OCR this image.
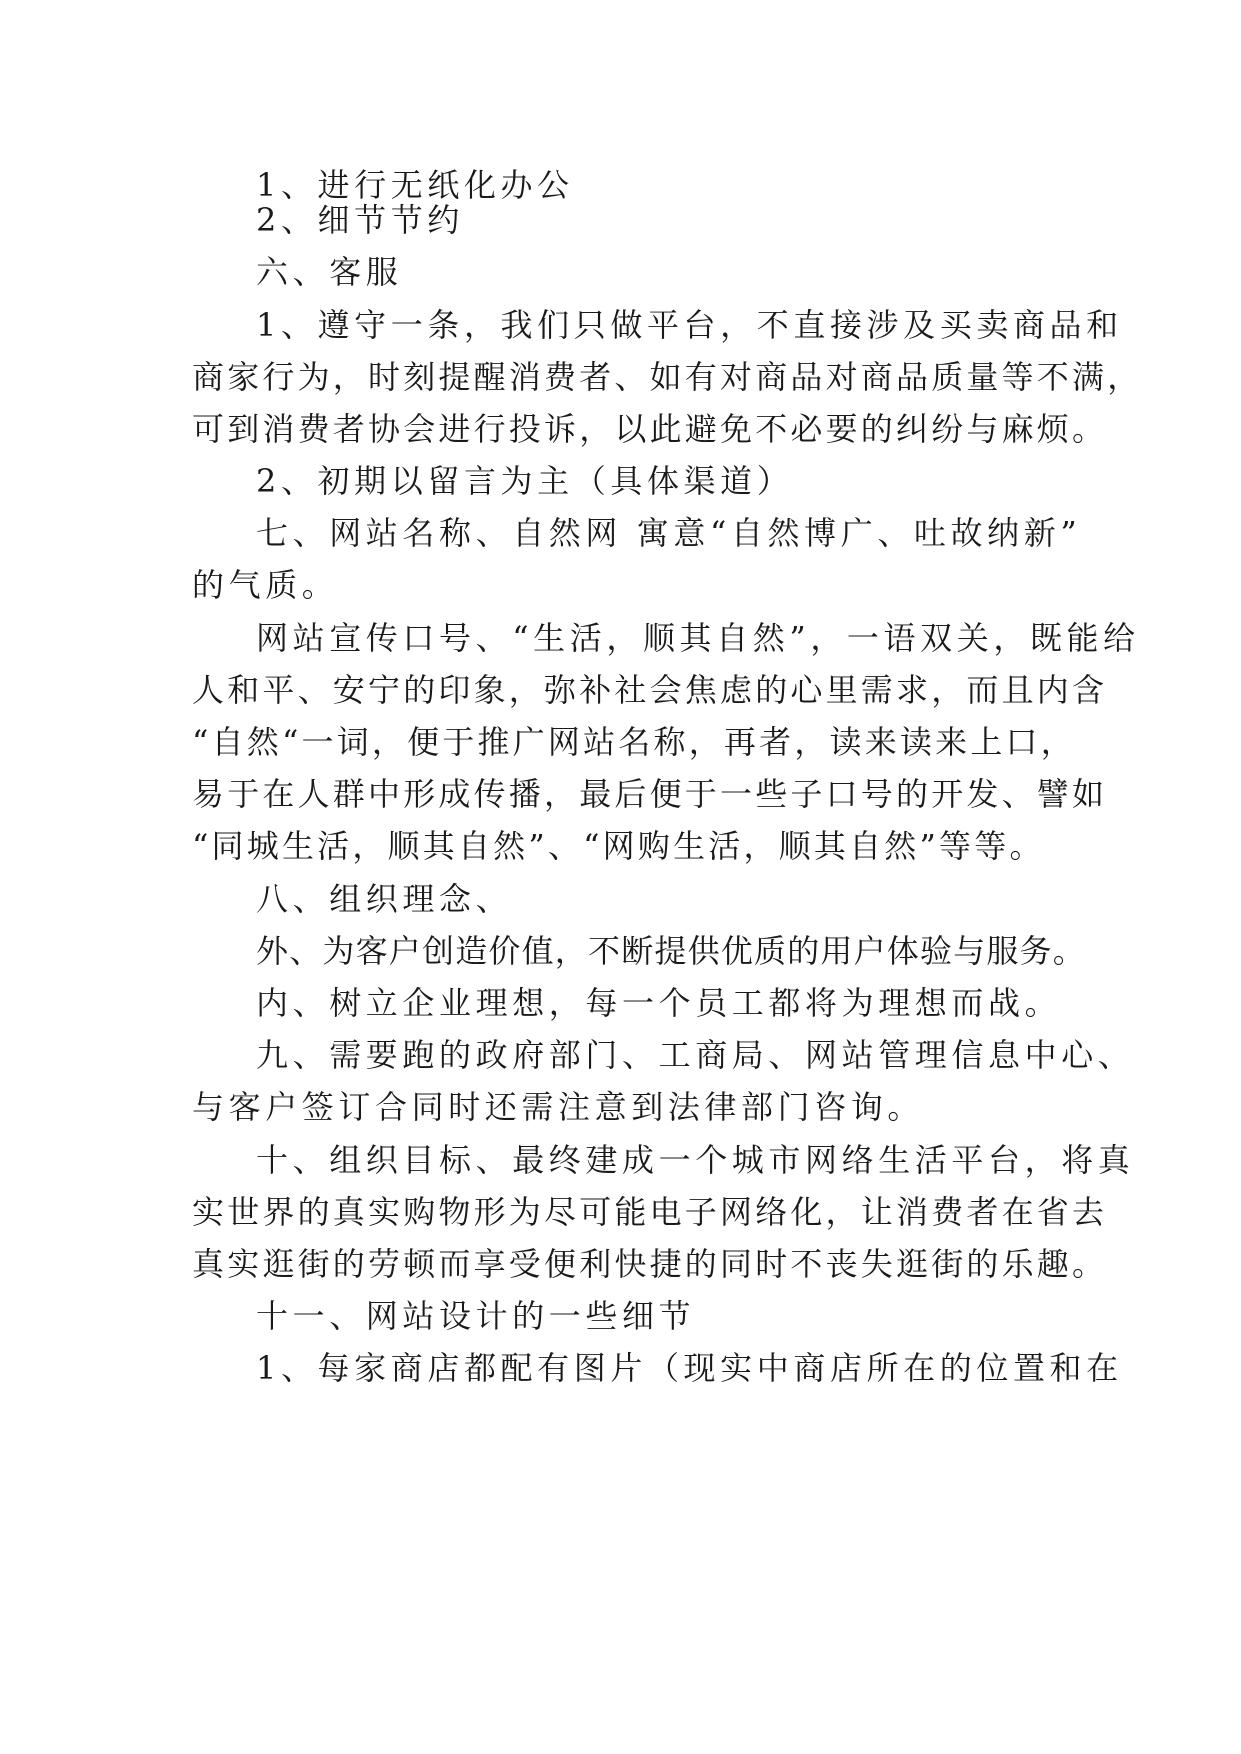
1、进行无纸化办公
2、细节节约
六、客服
1、遵守一条，我们只做平台，不直接涉及买卖商品和
商家行为，时刻提醒消费者、如有对商品对商品质量等不满，
可到消费者协会进行投诉，以此避免不必要的纠纷与麻烦。
2、初期以留言为主（具体渠道）
七、网站名称、自然网 寓意“自然博广、吐故纳新”
的气质。
网站宣传口号、“生活，顺其自然”，一语双关，既能给
人和平、安宁的印象，弥补社会焦虑的心里需求，而且内含
“自然“一词，便于推广网站名称，再者，读来读来上口，
易于在人群中形成传播，最后便于一些子口号的开发、譬如
“同城生活，顺其自然”、“网购生活，顺其自然”等等。
八、组织理念、
外、为客户创造价值，不断提供优质的用户体验与服务。
内、树立企业理想，每一个员工都将为理想而战。
九、需要跑的政府部门、工商局、网站管理信息中心、
与客户签订合同时还需注意到法律部门咨询。
十、组织目标、最终建成一个城市网络生活平台，将真
实世界的真实购物形为尽可能电子网络化，让消费者在省去
真实逛街的劳顿而享受便利快捷的同时不丧失逛街的乐趣。
十一、网站设计的一些细节
1、每家商店都配有图片（现实中商店所在的位置和在
